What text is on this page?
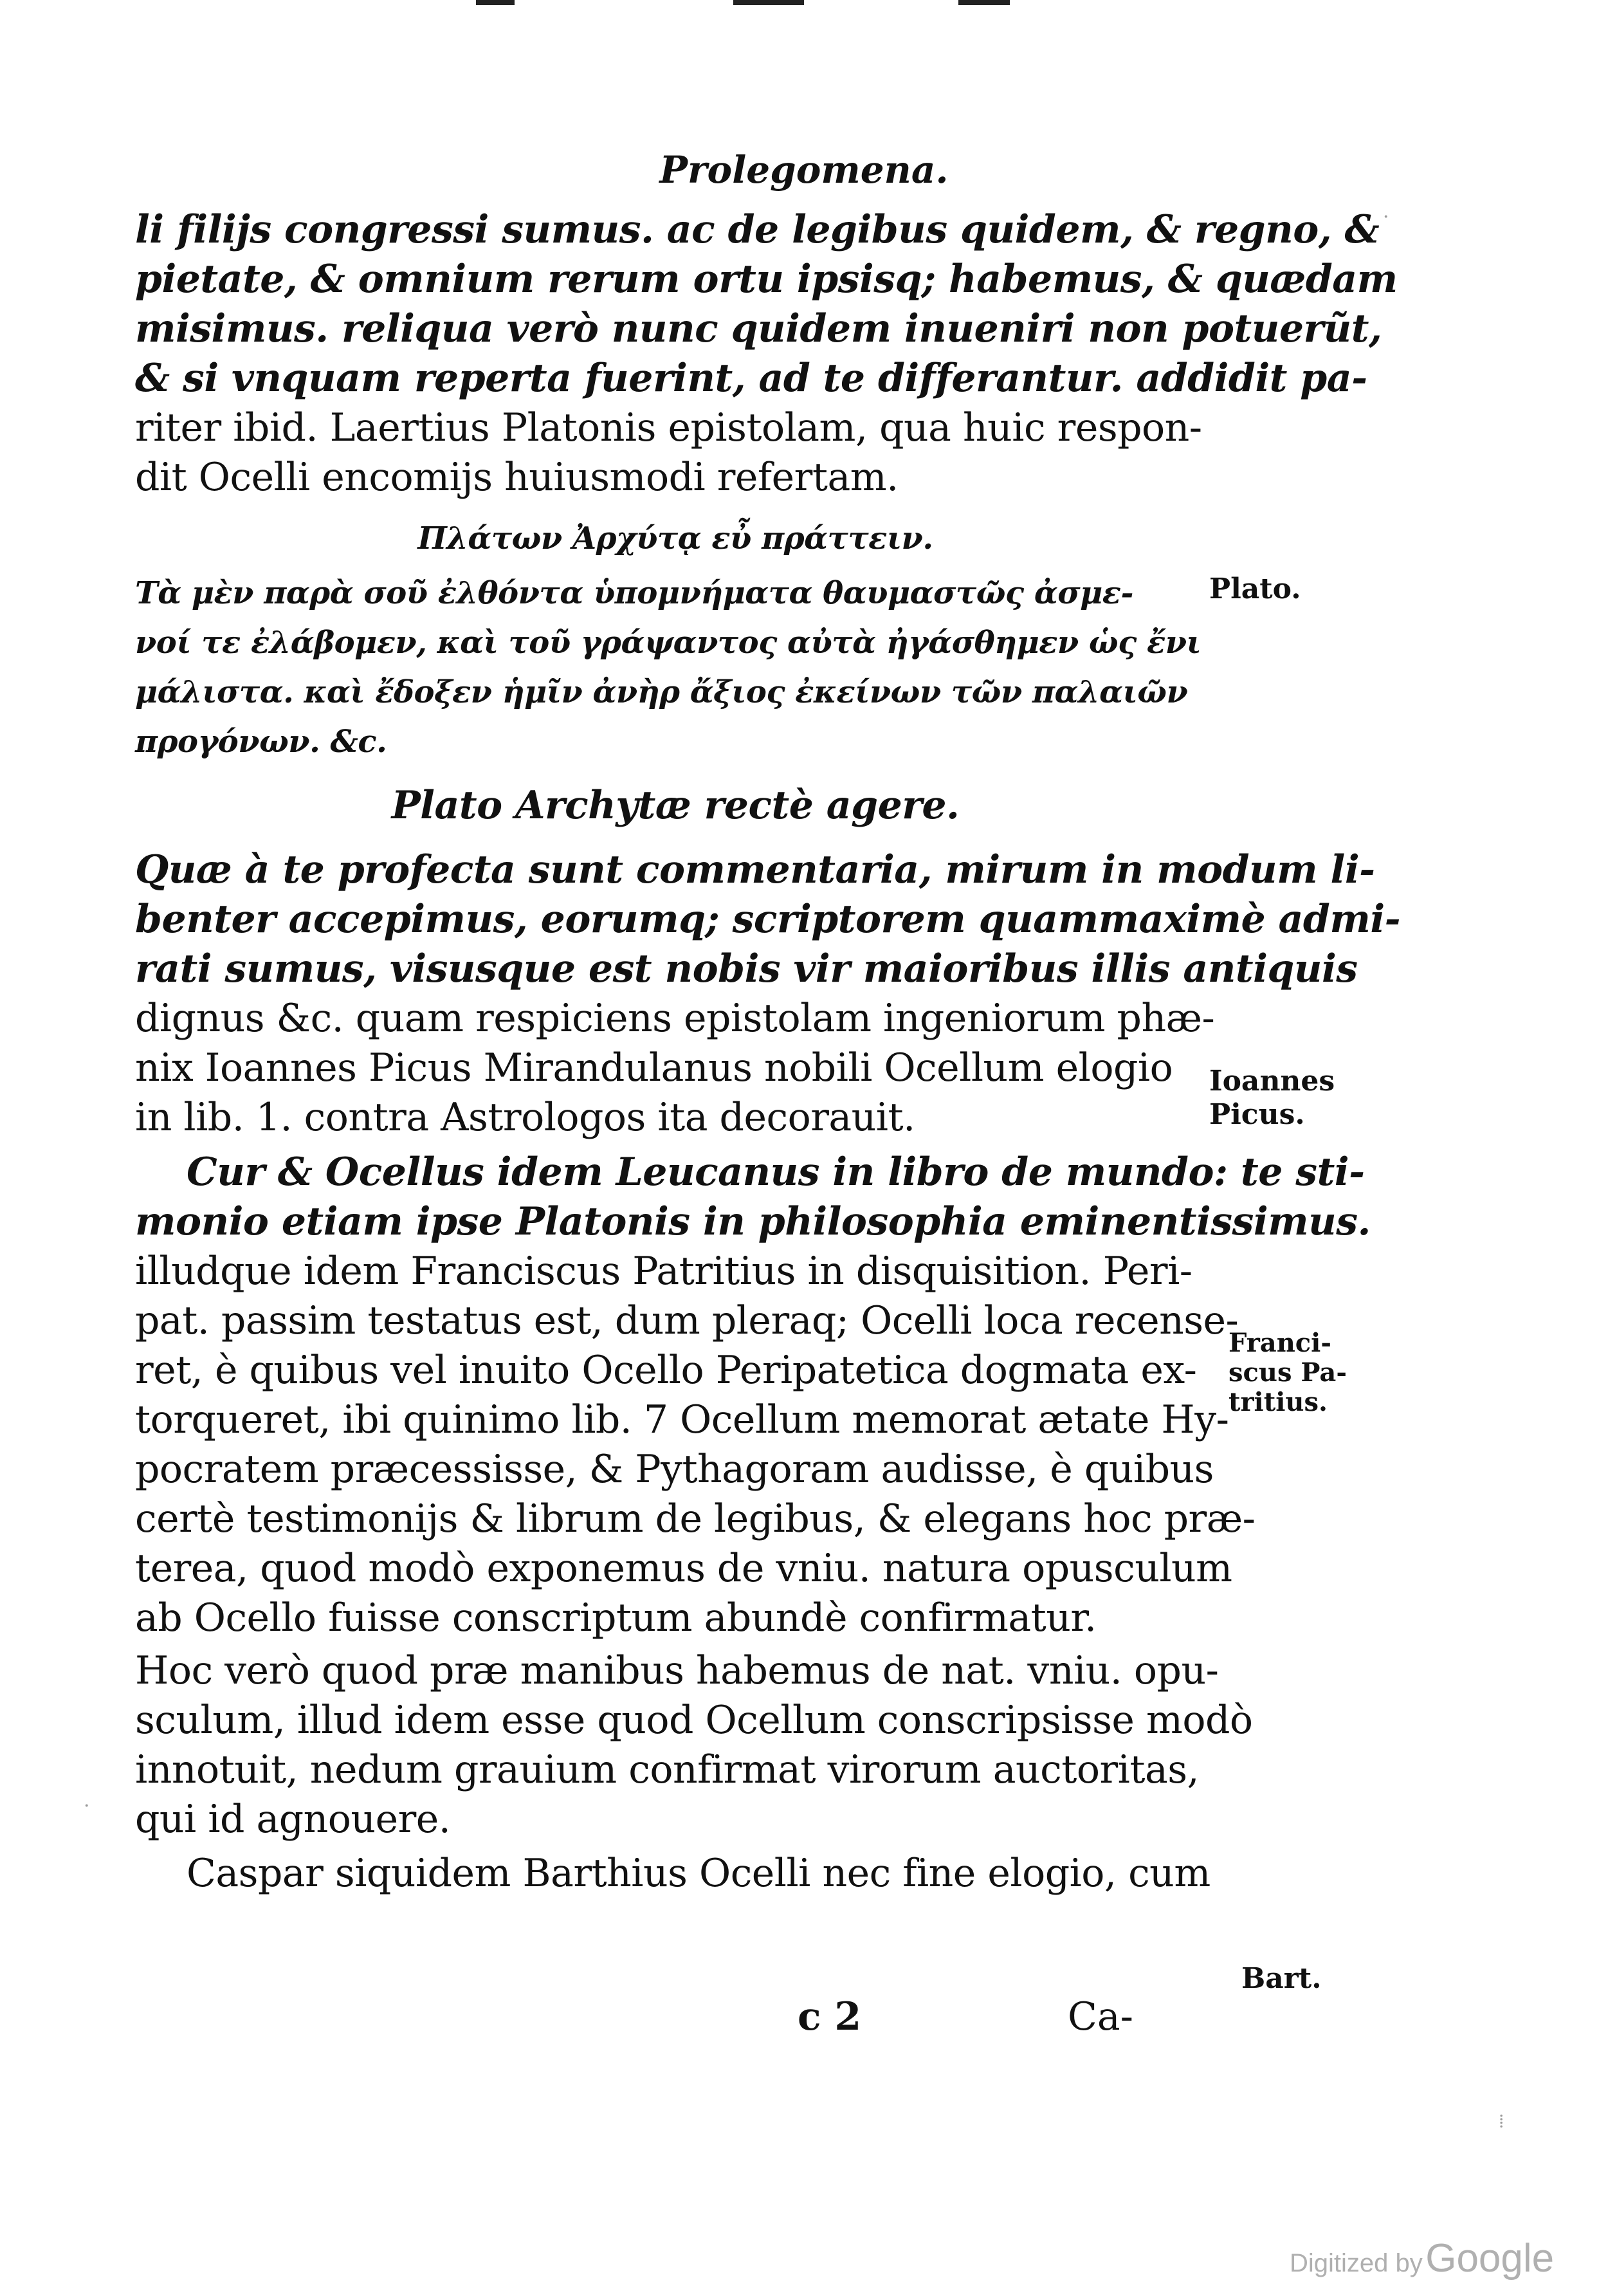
Prolegomena.
li filijs congressi sumus. ac de legibus quidem, & regno, &
pietate, & omnium rerum ortu ipsisq; habemus, & quædam
misimus. reliqua verò nunc quidem inueniri non potuerũt,
& si vnquam reperta fuerint, ad te differantur. addidit pa-
riter ibid. Laertius Platonis epistolam, qua huic respon-
dit Ocelli encomijs huiusmodi refertam.
Πλάτων Ἀρχύτᾳ εὖ πράττειν.
Τὰ μὲν παρὰ σοῦ ἐλθόντα ὑπομνήματα θαυμαστῶς ἀσμε-
νοί τε ἐλάβομεν, καὶ τοῦ γράψαντος αὐτὰ ἠγάσθημεν ὡς ἔνι
μάλιστα. καὶ ἔδοξεν ἡμῖν ἀνὴρ ἄξιος ἐκείνων τῶν παλαιῶν
προγόνων. &c.
Plato Archytæ rectè agere.
Quæ à te profecta sunt commentaria, mirum in modum li-
benter accepimus, eorumq; scriptorem quammaximè admi-
rati sumus, visusque est nobis vir maioribus illis antiquis
dignus &c. quam respiciens epistolam ingeniorum phæ-
nix Ioannes Picus Mirandulanus nobili Ocellum elogio
in lib. 1. contra Astrologos ita decorauit.
Cur & Ocellus idem Leucanus in libro de mundo: te sti-
monio etiam ipse Platonis in philosophia eminentissimus.
illudque idem Franciscus Patritius in disquisition. Peri-
pat. passim testatus est, dum pleraq; Ocelli loca recense-
ret, è quibus vel inuito Ocello Peripatetica dogmata ex-
torqueret, ibi quinimo lib. 7 Ocellum memorat ætate Hy-
pocratem præcessisse, & Pythagoram audisse, è quibus
certè testimonijs & librum de legibus, & elegans hoc præ-
terea, quod modò exponemus de vniu. natura opusculum
ab Ocello fuisse conscriptum abundè confirmatur.
Hoc verò quod præ manibus habemus de nat. vniu. opu-
sculum, illud idem esse quod Ocellum conscripsisse modò
innotuit, nedum grauium confirmat virorum auctoritas,
qui id agnouere.
Caspar siquidem Barthius Ocelli nec fine elogio, cum
Plato.
Ioannes Picus.
Franci- scus Pa- tritius.
Bart.
c 2	Ca-
⁞
·
·
Digitized by Google
